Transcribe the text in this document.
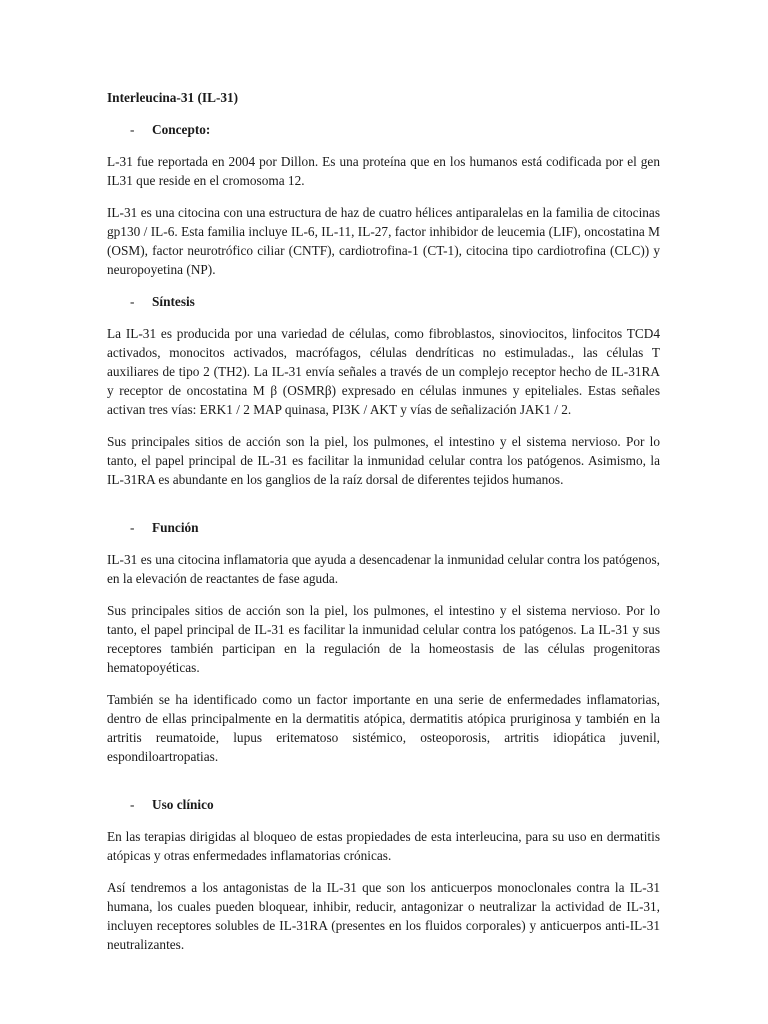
Interleucina-31 (IL-31)
-	Concepto:

L-31 fue reportada en 2004 por Dillon. Es una proteína que en los humanos está codificada por el gen IL31 que reside en el cromosoma 12.

IL-31 es una citocina con una estructura de haz de cuatro hélices antiparalelas en la familia de citocinas gp130 / IL-6. Esta familia incluye IL-6, IL-11, IL-27, factor inhibidor de leucemia (LIF), oncostatina M (OSM), factor neurotrófico ciliar (CNTF), cardiotrofina-1 (CT-1), citocina tipo cardiotrofina (CLC)) y neuropoyetina (NP).

-	Síntesis

La IL-31 es producida por una variedad de células, como fibroblastos, sinoviocitos, linfocitos TCD4 activados, monocitos activados, macrófagos, células dendríticas no estimuladas., las células T auxiliares de tipo 2 (TH2). La IL-31 envía señales a través de un complejo receptor hecho de IL-31RA y receptor de oncostatina M β (OSMRβ) expresado en células inmunes y epiteliales. Estas señales activan tres vías: ERK1 / 2 MAP quinasa, PI3K / AKT y vías de señalización JAK1 / 2.

Sus principales sitios de acción son la piel, los pulmones, el intestino y el sistema nervioso. Por lo tanto, el papel principal de IL-31 es facilitar la inmunidad celular contra los patógenos. Asimismo, la IL-31RA es abundante en los ganglios de la raíz dorsal de diferentes tejidos humanos.

-	Función

IL-31 es una citocina inflamatoria que ayuda a desencadenar la inmunidad celular contra los patógenos, en la elevación de reactantes de fase aguda.

Sus principales sitios de acción son la piel, los pulmones, el intestino y el sistema nervioso. Por lo tanto, el papel principal de IL-31 es facilitar la inmunidad celular contra los patógenos. La IL-31 y sus receptores también participan en la regulación de la homeostasis de las células progenitoras hematopoyéticas.

También se ha identificado como un factor importante en una serie de enfermedades inflamatorias, dentro de ellas principalmente en la dermatitis atópica, dermatitis atópica pruriginosa y también en la artritis reumatoide, lupus eritematoso sistémico, osteoporosis, artritis idiopática juvenil, espondiloartropatias.

-	Uso clínico

En las terapias dirigidas al bloqueo de estas propiedades de esta interleucina, para su uso en dermatitis atópicas y otras enfermedades inflamatorias crónicas.

Así tendremos a los antagonistas de la IL-31 que son los anticuerpos monoclonales contra la IL-31 humana, los cuales pueden bloquear, inhibir, reducir, antagonizar o neutralizar la actividad de IL-31, incluyen receptores solubles de IL-31RA (presentes en los fluidos corporales) y anticuerpos anti-IL-31 neutralizantes.
